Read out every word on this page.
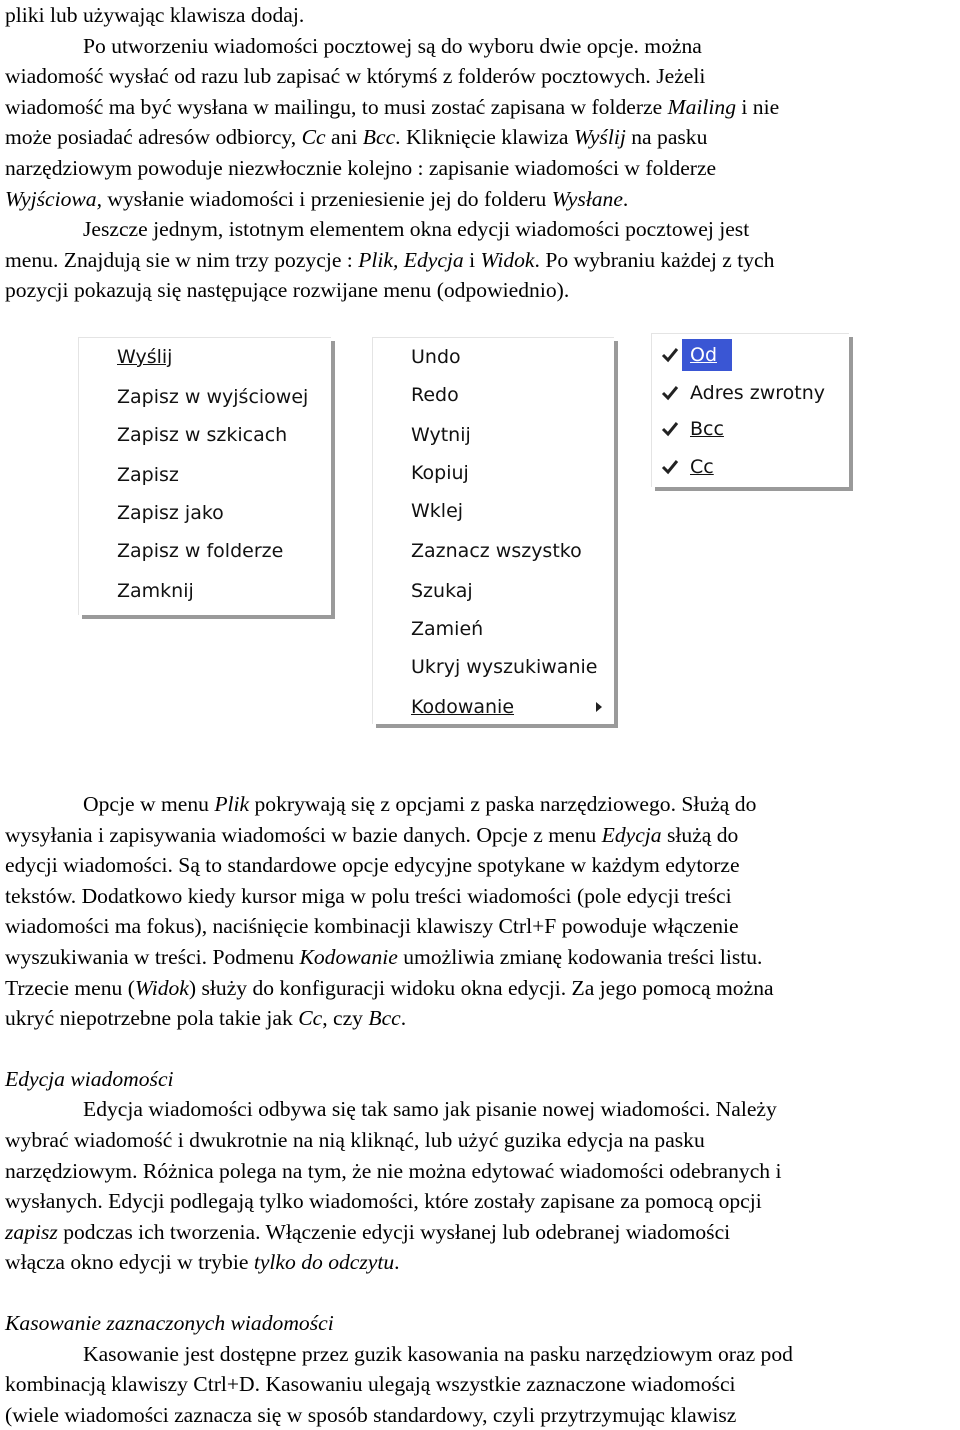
pliki lub używając klawisza dodaj.

Po utworzeniu wiadomości pocztowej są do wyboru dwie opcje. można

wiadomość wysłać od razu lub zapisać w którymś z folderów pocztowych. Jeżeli

wiadomość ma być wysłana w mailingu, to musi zostać zapisana w folderze Mailing i nie

może posiadać adresów odbiorcy, Cc ani Bcc. Kliknięcie klawiza Wyślij na pasku

narzędziowym powoduje niezwłocznie kolejno : zapisanie wiadomości w folderze

Wyjściowa, wysłanie wiadomości i przeniesienie jej do folderu Wysłane.

Jeszcze jednym, istotnym elementem okna edycji wiadomości pocztowej jest

menu. Znajdują sie w nim trzy pozycje : Plik, Edycja i Widok. Po wybraniu każdej z tych

pozycji pokazują się następujące rozwijane menu (odpowiednio).

Wyślij
Zapisz w wyjściowej
Zapisz w szkicach
Zapisz
Zapisz jako
Zapisz w folderze
Zamknij
Undo
Redo
Wytnij
Kopiuj
Wklej
Zaznacz wszystko
Szukaj
Zamień
Ukryj wyszukiwanie
Kodowanie
Od
Adres zwrotny
Bcc
Cc

Opcje w menu Plik pokrywają się z opcjami z paska narzędziowego. Służą do

wysyłania i zapisywania wiadomości w bazie danych. Opcje z menu Edycja służą do

edycji wiadomości. Są to standardowe opcje edycyjne spotykane w każdym edytorze

tekstów. Dodatkowo kiedy kursor miga w polu treści wiadomości (pole edycji treści

wiadomości ma fokus), naciśnięcie kombinacji klawiszy Ctrl+F powoduje włączenie

wyszukiwania w treści. Podmenu Kodowanie umożliwia zmianę kodowania treści listu.

Trzecie menu (Widok) służy do konfiguracji widoku okna edycji. Za jego pomocą można

ukryć niepotrzebne pola takie jak Cc, czy Bcc.

Edycja wiadomości

Edycja wiadomości odbywa się tak samo jak pisanie nowej wiadomości. Należy

wybrać wiadomość i dwukrotnie na nią kliknąć, lub użyć guzika edycja na pasku

narzędziowym. Różnica polega na tym, że nie można edytować wiadomości odebranych i

wysłanych. Edycji podlegają tylko wiadomości, które zostały zapisane za pomocą opcji

zapisz podczas ich tworzenia. Włączenie edycji wysłanej lub odebranej wiadomości

włącza okno edycji w trybie tylko do odczytu.

Kasowanie zaznaczonych wiadomości

Kasowanie jest dostępne przez guzik kasowania na pasku narzędziowym oraz pod

kombinacją klawiszy Ctrl+D. Kasowaniu ulegają wszystkie zaznaczone wiadomości

(wiele wiadomości zaznacza się w sposób standardowy, czyli przytrzymując klawisz
